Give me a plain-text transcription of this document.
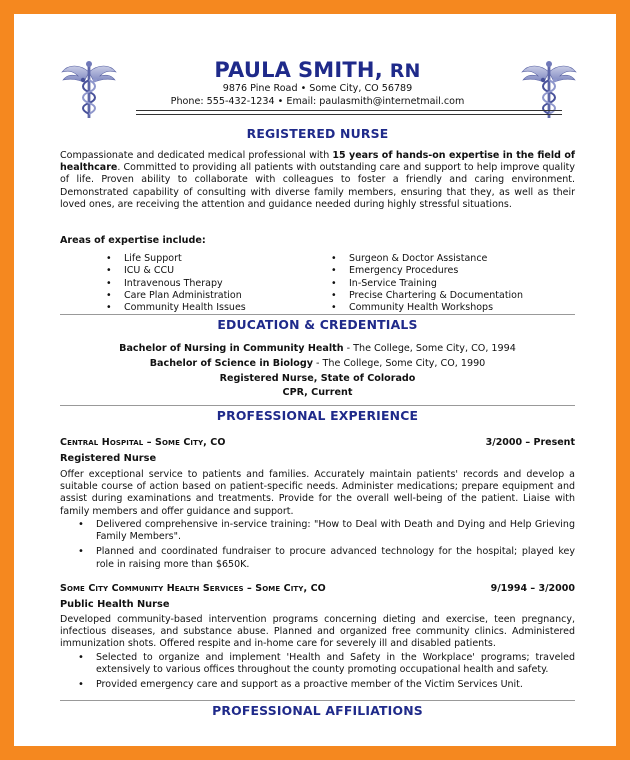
PAULA SMITH, RN
9876 Pine Road • Some City, CO 56789
Phone: 555-432-1234 • Email: paulasmith@internetmail.com
REGISTERED NURSE
Compassionate and dedicated medical professional with 15 years of hands-on expertise in the field of healthcare. Committed to providing all patients with outstanding care and support to help improve quality of life. Proven ability to collaborate with colleagues to foster a friendly and caring environment. Demonstrated capability of consulting with diverse family members, ensuring that they, as well as their loved ones, are receiving the attention and guidance needed during highly stressful situations.
Areas of expertise include:
• Life Support
• ICU & CCU
• Intravenous Therapy
• Care Plan Administration
• Community Health Issues
• Surgeon & Doctor Assistance
• Emergency Procedures
• In-Service Training
• Precise Chartering & Documentation
• Community Health Workshops
EDUCATION & CREDENTIALS
Bachelor of Nursing in Community Health - The College, Some City, CO, 1994
Bachelor of Science in Biology - The College, Some City, CO, 1990
Registered Nurse, State of Colorado
CPR, Current
PROFESSIONAL EXPERIENCE
Central Hospital – Some City, CO	3/2000 – Present
Registered Nurse
Offer exceptional service to patients and families. Accurately maintain patients' records and develop a suitable course of action based on patient-specific needs. Administer medications; prepare equipment and assist during examinations and treatments. Provide for the overall well-being of the patient. Liaise with family members and offer guidance and support.
• Delivered comprehensive in-service training: "How to Deal with Death and Dying and Help Grieving Family Members".
• Planned and coordinated fundraiser to procure advanced technology for the hospital; played key role in raising more than $650K.
Some City Community Health Services – Some City, CO	9/1994 – 3/2000
Public Health Nurse
Developed community-based intervention programs concerning dieting and exercise, teen pregnancy, infectious diseases, and substance abuse. Planned and organized free community clinics. Administered immunization shots. Offered respite and in-home care for severely ill and disabled patients.
• Selected to organize and implement 'Health and Safety in the Workplace' programs; traveled extensively to various offices throughout the county promoting occupational health and safety.
• Provided emergency care and support as a proactive member of the Victim Services Unit.
PROFESSIONAL AFFILIATIONS
